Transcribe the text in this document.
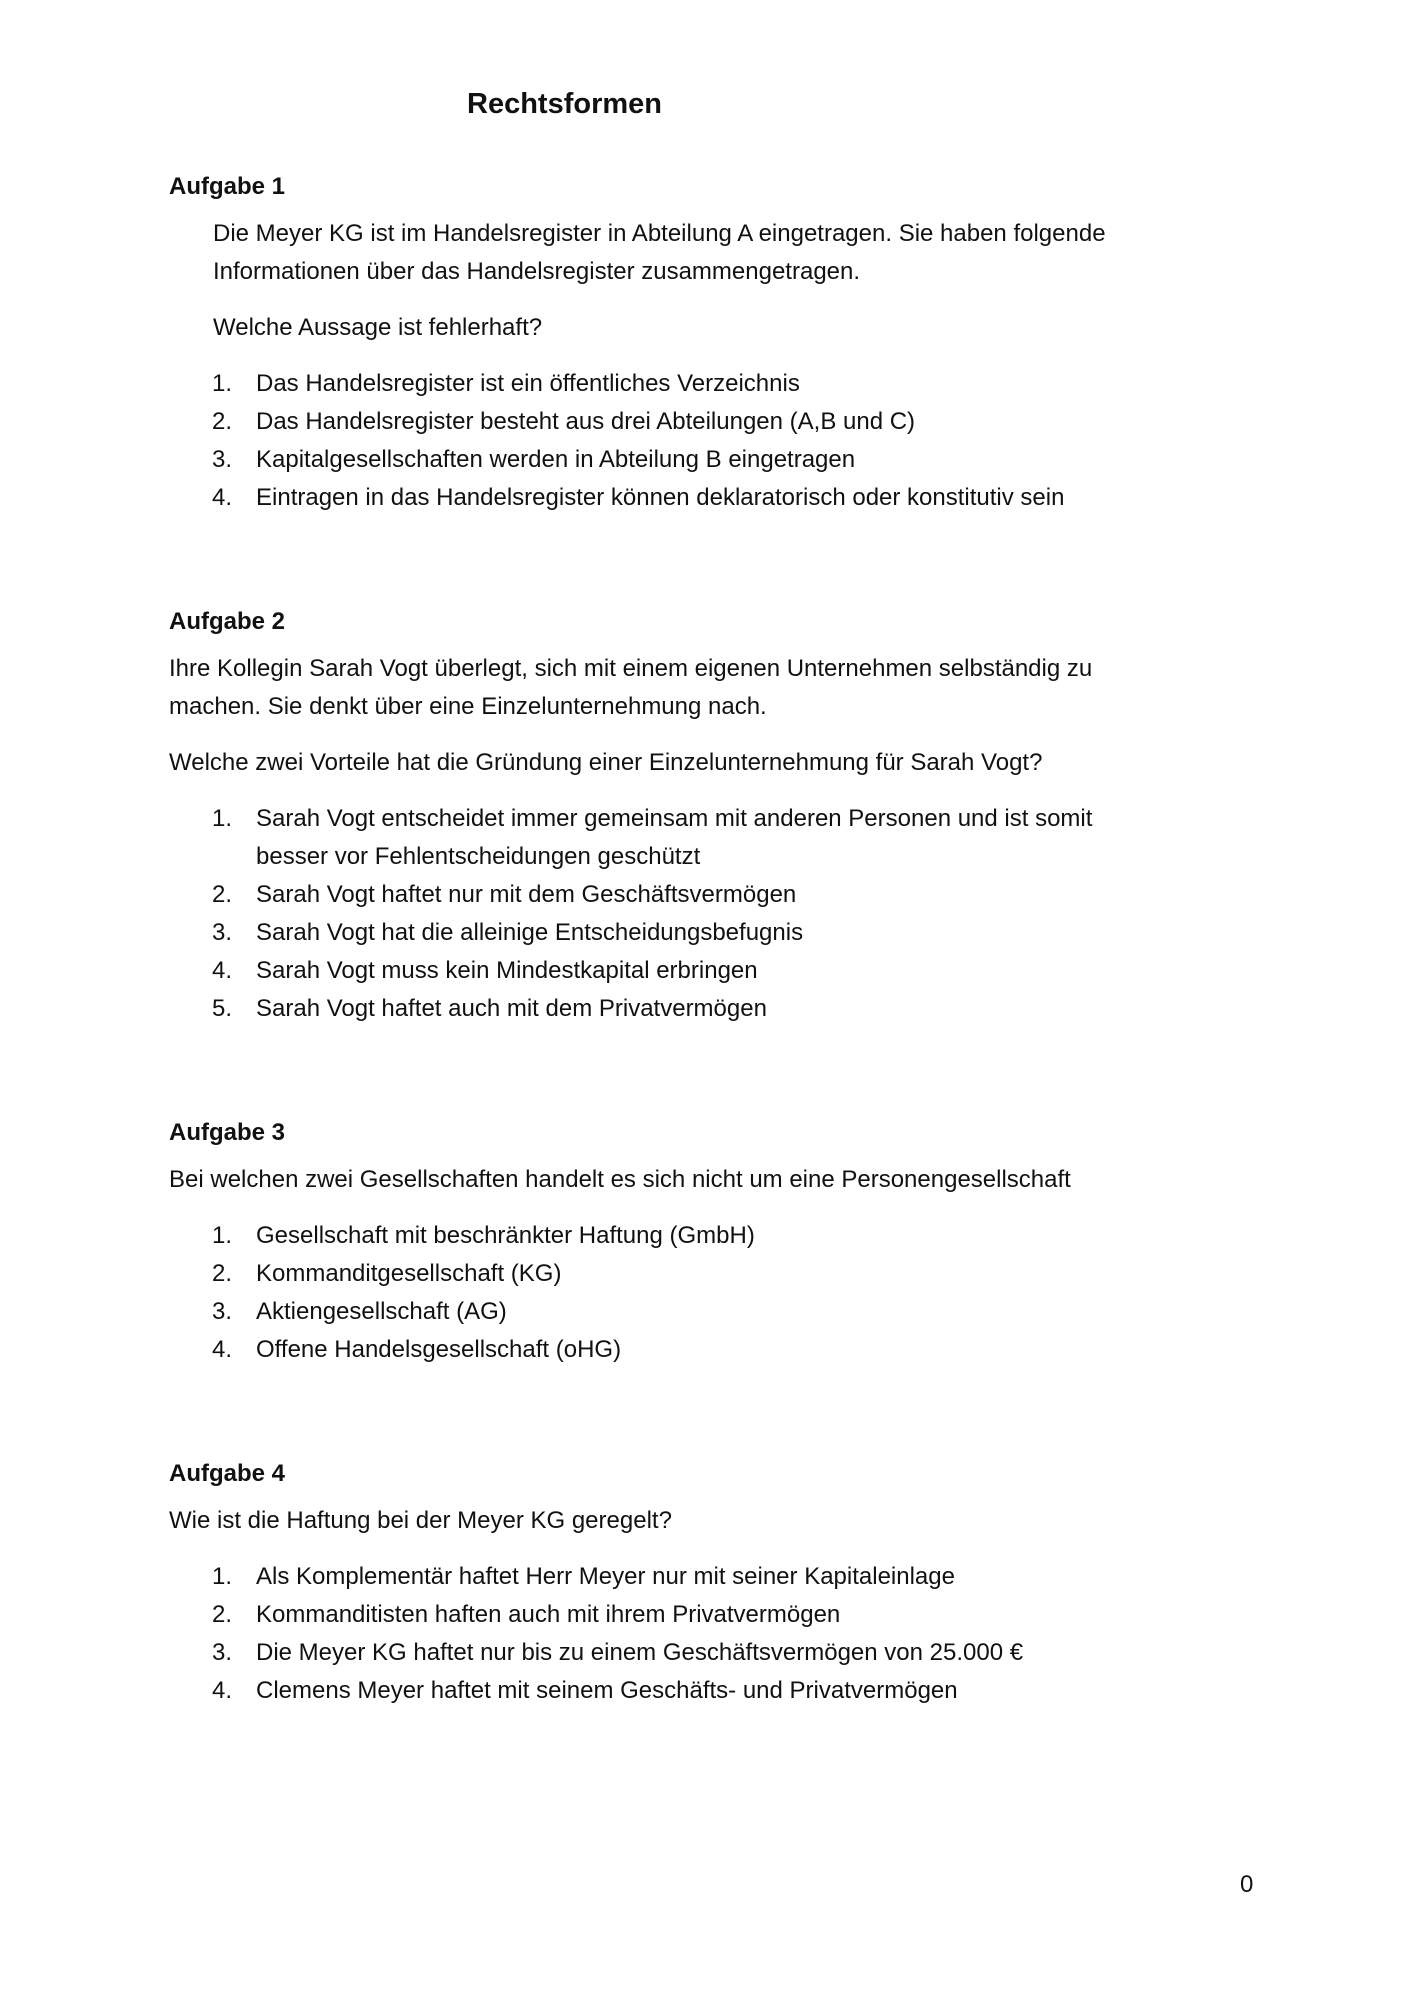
Rechtsformen
Aufgabe 1

Die Meyer KG ist im Handelsregister in Abteilung A eingetragen. Sie haben folgende

Informationen über das Handelsregister zusammengetragen.

Welche Aussage ist fehlerhaft?

1. Das Handelsregister ist ein öffentliches Verzeichnis
2. Das Handelsregister besteht aus drei Abteilungen (A,B und C)
3. Kapitalgesellschaften werden in Abteilung B eingetragen
4. Eintragen in das Handelsregister können deklaratorisch oder konstitutiv sein
Aufgabe 2

Ihre Kollegin Sarah Vogt überlegt, sich mit einem eigenen Unternehmen selbständig zu

machen. Sie denkt über eine Einzelunternehmung nach.

Welche zwei Vorteile hat die Gründung einer Einzelunternehmung für Sarah Vogt?

1. Sarah Vogt entscheidet immer gemeinsam mit anderen Personen und ist somit
besser vor Fehlentscheidungen geschützt
2. Sarah Vogt haftet nur mit dem Geschäftsvermögen
3. Sarah Vogt hat die alleinige Entscheidungsbefugnis
4. Sarah Vogt muss kein Mindestkapital erbringen
5. Sarah Vogt haftet auch mit dem Privatvermögen
Aufgabe 3

Bei welchen zwei Gesellschaften handelt es sich nicht um eine Personengesellschaft

1. Gesellschaft mit beschränkter Haftung (GmbH)
2. Kommanditgesellschaft (KG)
3. Aktiengesellschaft (AG)
4. Offene Handelsgesellschaft (oHG)
Aufgabe 4

Wie ist die Haftung bei der Meyer KG geregelt?

1. Als Komplementär haftet Herr Meyer nur mit seiner Kapitaleinlage
2. Kommanditisten haften auch mit ihrem Privatvermögen
3. Die Meyer KG haftet nur bis zu einem Geschäftsvermögen von 25.000 €
4. Clemens Meyer haftet mit seinem Geschäfts- und Privatvermögen
0
